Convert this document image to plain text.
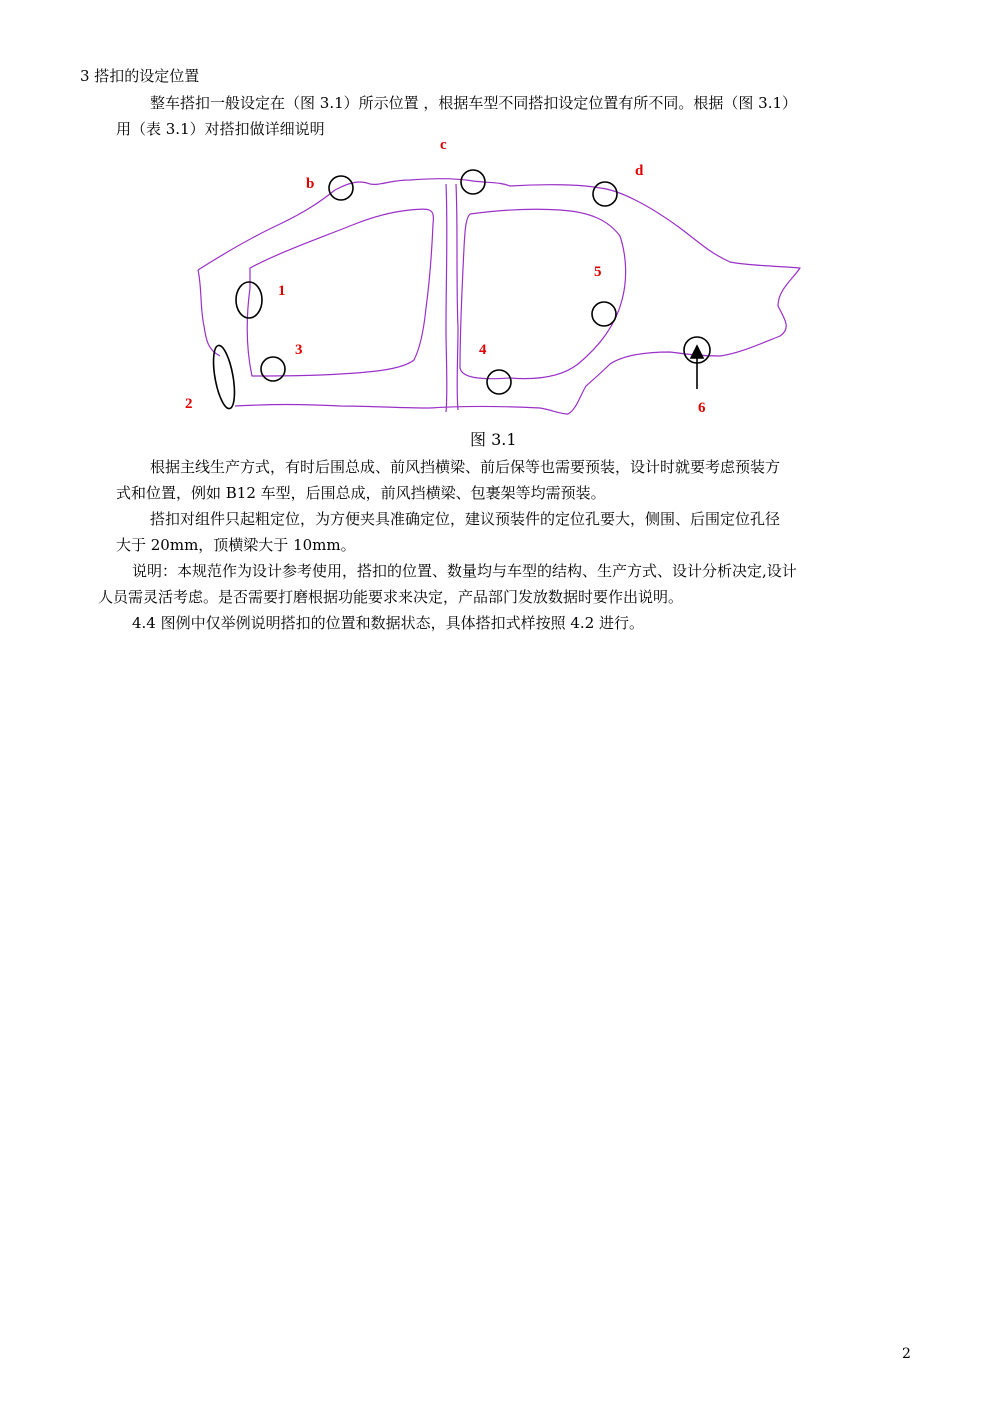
3 搭扣的设定位置
整车搭扣一般设定在（图 3.1）所示位置 ，根据车型不同搭扣设定位置有所不同。根据（图 3.1）
用（表 3.1）对搭扣做详细说明
c
b
d
1
2
3	4
5
6
图 3.1
根据主线生产方式，有时后围总成、前风挡横梁、前后保等也需要预装，设计时就要考虑预装方
式和位置，例如 B12 车型，后围总成，前风挡横梁、包裹架等均需预装。
搭扣对组件只起粗定位，为方便夹具准确定位，建议预装件的定位孔要大，侧围、后围定位孔径
大于 20mm，顶横梁大于 10mm。
说明：本规范作为设计参考使用，搭扣的位置、数量均与车型的结构、生产方式、设计分析决定,设计
人员需灵活考虑。是否需要打磨根据功能要求来决定，产品部门发放数据时要作出说明。
4.4 图例中仅举例说明搭扣的位置和数据状态，具体搭扣式样按照 4.2 进行。
2
